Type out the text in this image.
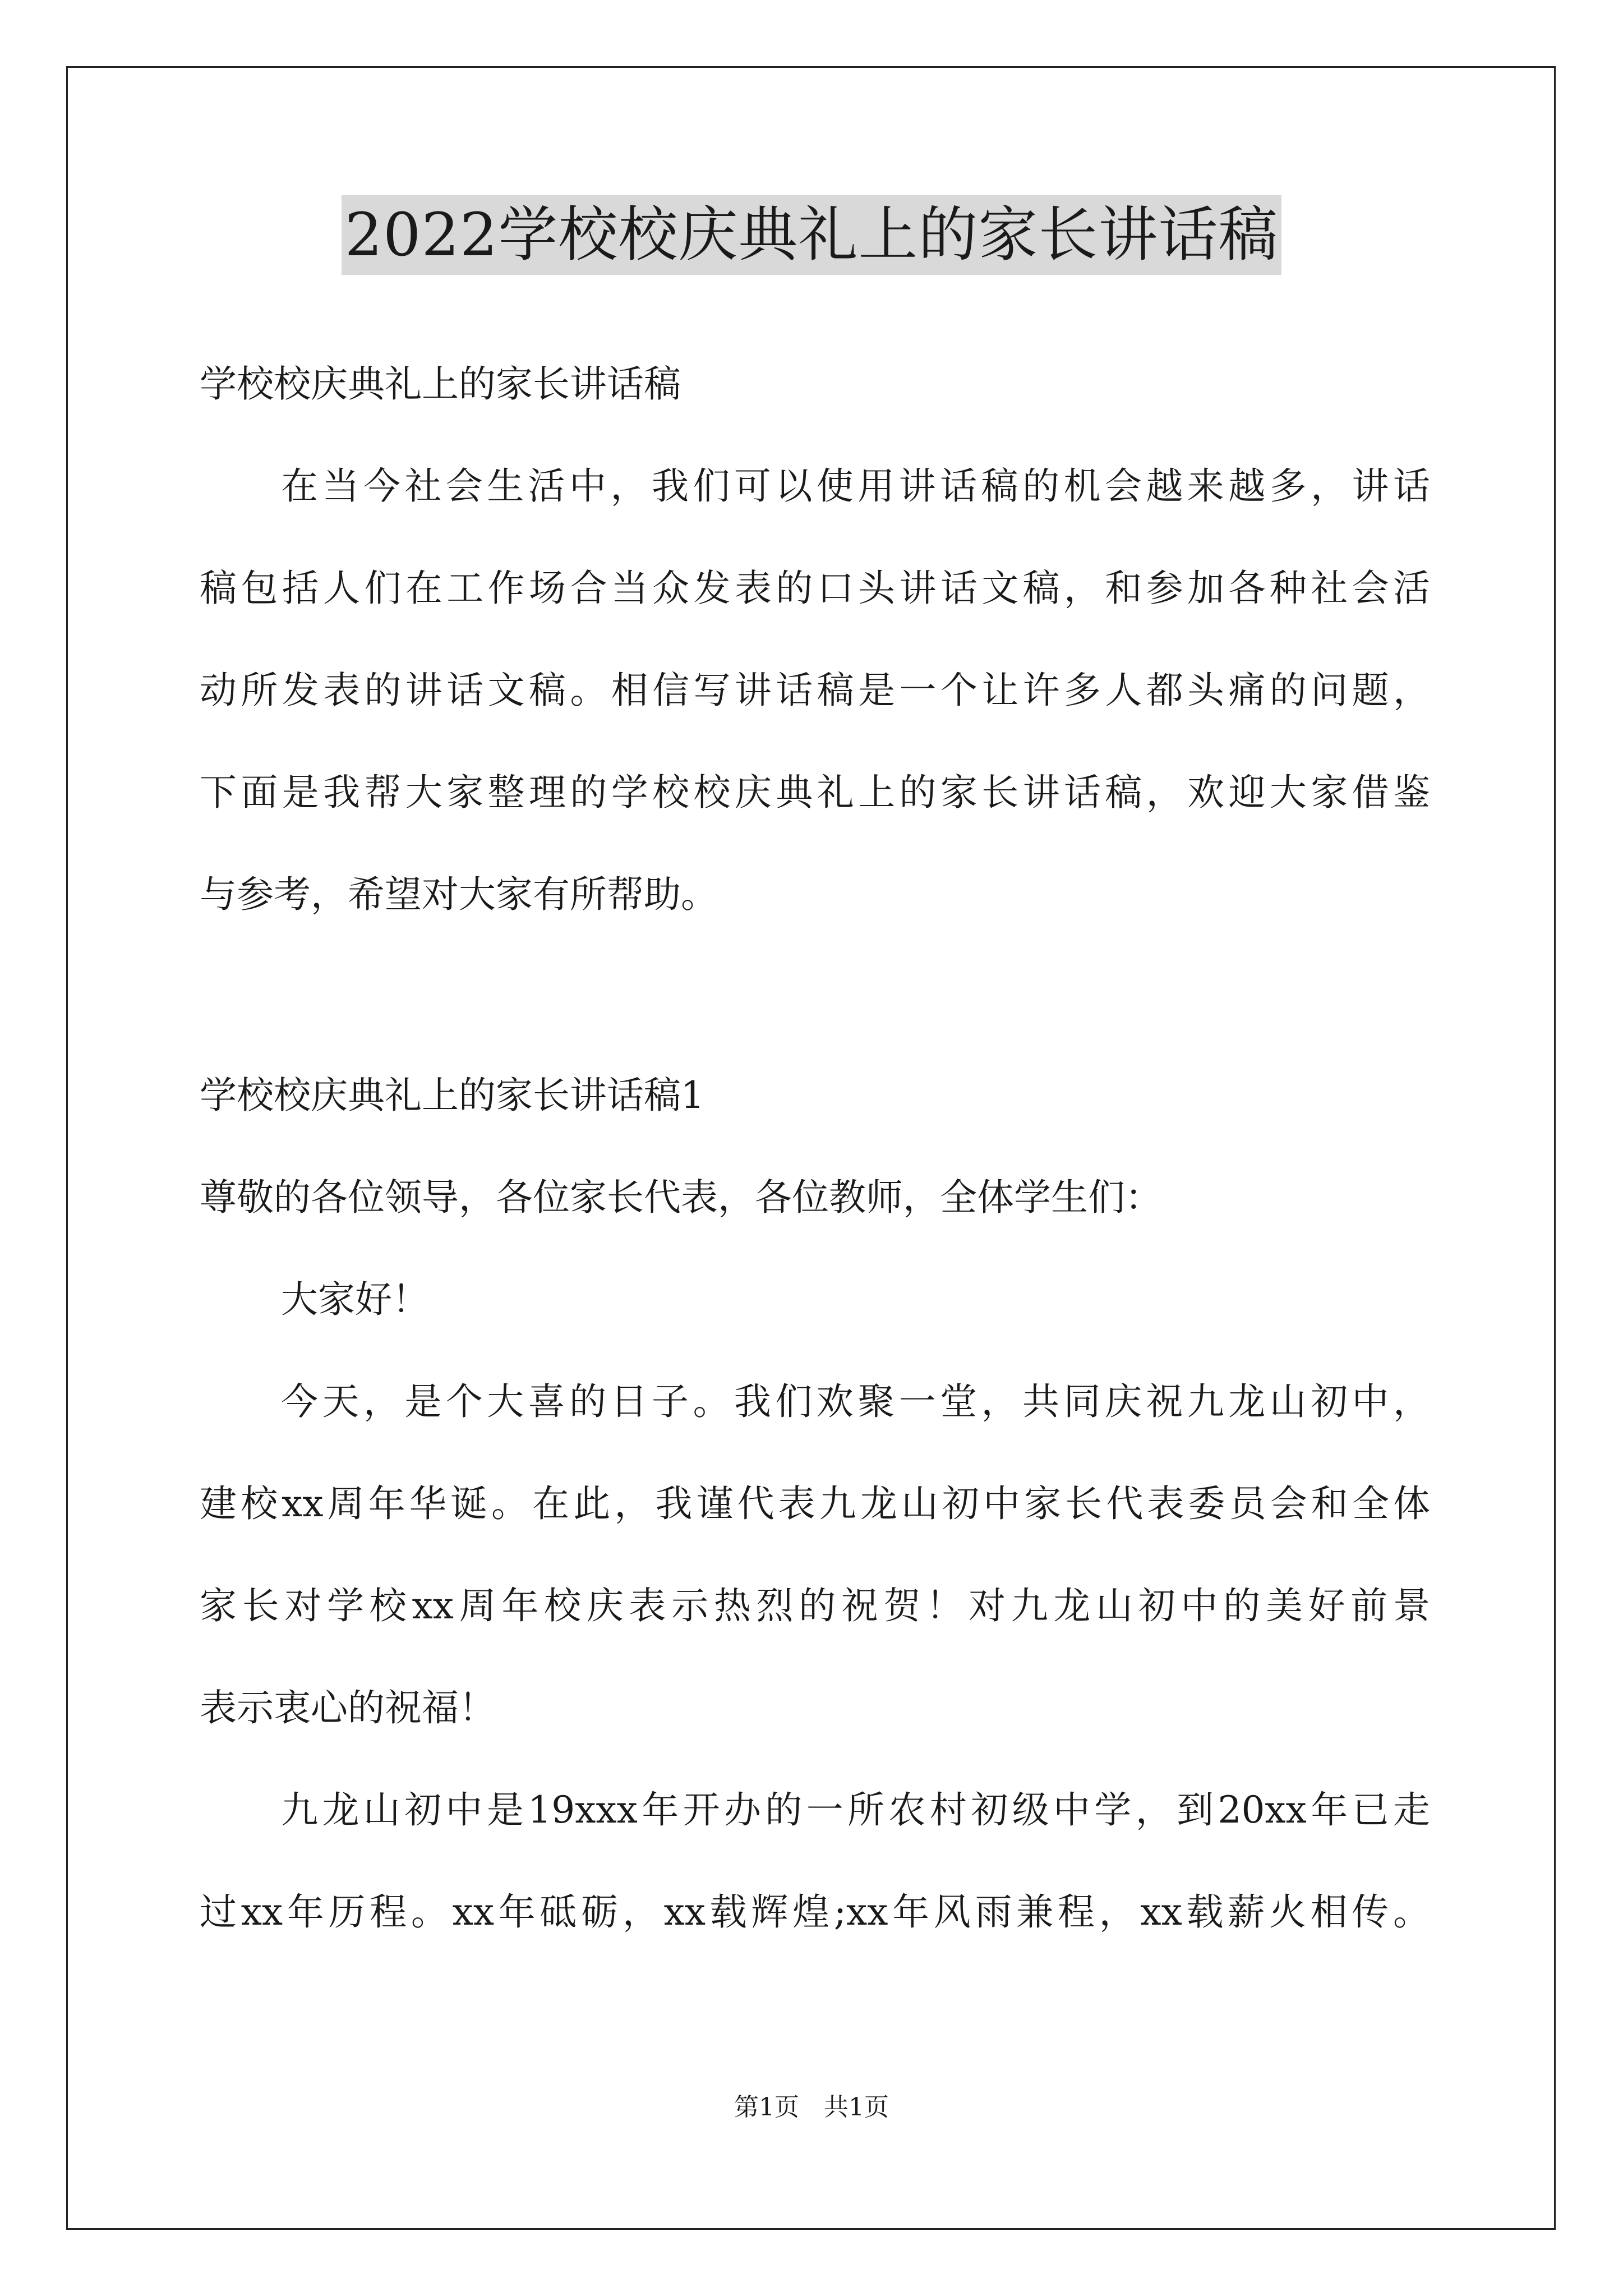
2022学校校庆典礼上的家长讲话稿
学校校庆典礼上的家长讲话稿
在当今社会生活中，我们可以使用讲话稿的机会越来越多，讲话
稿包括人们在工作场合当众发表的口头讲话文稿，和参加各种社会活
动所发表的讲话文稿。相信写讲话稿是一个让许多人都头痛的问题，
下面是我帮大家整理的学校校庆典礼上的家长讲话稿，欢迎大家借鉴
与参考，希望对大家有所帮助。
学校校庆典礼上的家长讲话稿1
尊敬的各位领导，各位家长代表，各位教师，全体学生们：
大家好！
今天，是个大喜的日子。我们欢聚一堂，共同庆祝九龙山初中，
建校xx周年华诞。在此，我谨代表九龙山初中家长代表委员会和全体
家长对学校xx周年校庆表示热烈的祝贺！对九龙山初中的美好前景
表示衷心的祝福！
九龙山初中是19xxx年开办的一所农村初级中学，到20xx年已走
过xx年历程。xx年砥砺，xx载辉煌;xx年风雨兼程，xx载薪火相传。
第1页　共1页
